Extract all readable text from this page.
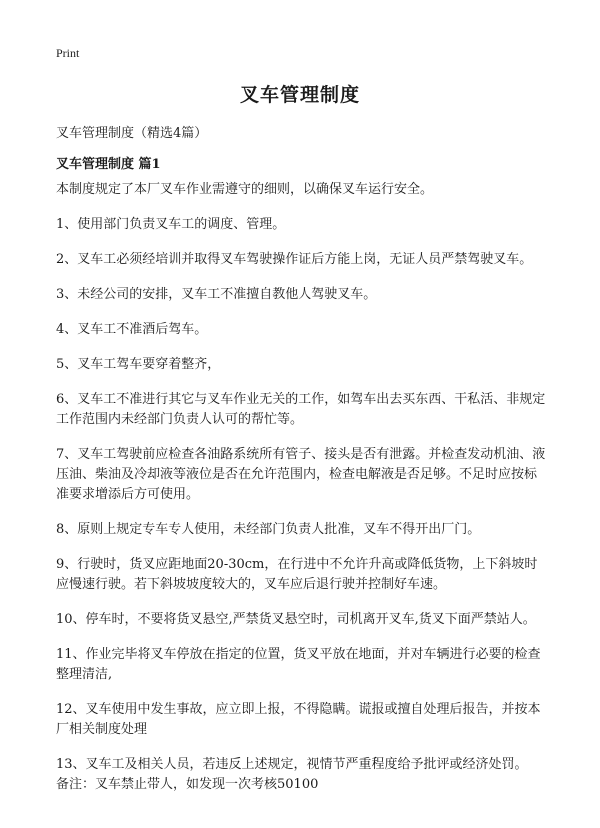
Print
叉车管理制度
叉车管理制度（精选4篇）
叉车管理制度 篇1

本制度规定了本厂叉车作业需遵守的细则，以确保叉车运行安全。

1、使用部门负责叉车工的调度、管理。

2、叉车工必须经培训并取得叉车驾驶操作证后方能上岗，无证人员严禁驾驶叉车。

3、未经公司的安排，叉车工不准擅自教他人驾驶叉车。

4、叉车工不准酒后驾车。

5、叉车工驾车要穿着整齐，

6、叉车工不准进行其它与叉车作业无关的工作，如驾车出去买东西、干私活、非规定工作范围内未经部门负责人认可的帮忙等。

7、叉车工驾驶前应检查各油路系统所有管子、接头是否有泄露。并检查发动机油、液压油、柴油及冷却液等液位是否在允许范围内，检查电解液是否足够。不足时应按标准要求增添后方可使用。

8、原则上规定专车专人使用，未经部门负责人批准，叉车不得开出厂门。

9、行驶时，货叉应距地面20-30cm，在行进中不允许升高或降低货物，上下斜坡时应慢速行驶。若下斜坡坡度较大的，叉车应后退行驶并控制好车速。

10、停车时，不要将货叉悬空,严禁货叉悬空时，司机离开叉车,货叉下面严禁站人。

11、作业完毕将叉车停放在指定的位置，货叉平放在地面，并对车辆进行必要的检查整理清洁,

12、叉车使用中发生事故，应立即上报，不得隐瞒。谎报或擅自处理后报告，并按本厂相关制度处理

13、叉车工及相关人员，若违反上述规定，视情节严重程度给予批评或经济处罚。

备注：叉车禁止带人，如发现一次考核50100
